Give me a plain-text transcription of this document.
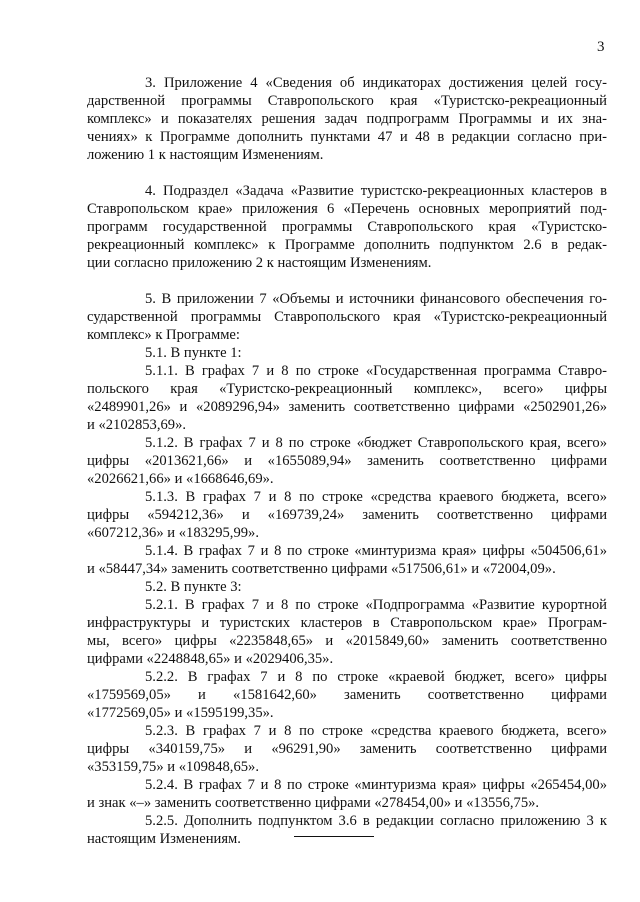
3
3. Приложение 4 «Сведения об индикаторах достижения целей госу-
дарственной программы Ставропольского края «Туристско-рекреационный
комплекс» и показателях решения задач подпрограмм Программы и их зна-
чениях» к Программе дополнить пунктами 47 и 48 в редакции согласно при-
ложению 1 к настоящим Изменениям.
4. Подраздел «Задача «Развитие туристско-рекреационных кластеров в
Ставропольском крае» приложения 6 «Перечень основных мероприятий под-
программ государственной программы Ставропольского края «Туристско-
рекреационный комплекс» к Программе дополнить подпунктом 2.6 в редак-
ции согласно приложению 2 к настоящим Изменениям.
5. В приложении 7 «Объемы и источники финансового обеспечения го-
сударственной программы Ставропольского края «Туристско-рекреационный
комплекс» к Программе:
5.1. В пункте 1:
5.1.1. В графах 7 и 8 по строке «Государственная программа Ставро-
польского края «Туристско-рекреационный комплекс», всего» цифры
«2489901,26» и «2089296,94» заменить соответственно цифрами «2502901,26»
и «2102853,69».
5.1.2. В графах 7 и 8 по строке «бюджет Ставропольского края, всего»
цифры «2013621,66» и «1655089,94» заменить соответственно цифрами
«2026621,66» и «1668646,69».
5.1.3. В графах 7 и 8 по строке «средства краевого бюджета, всего»
цифры «594212,36» и «169739,24» заменить соответственно цифрами
«607212,36» и «183295,99».
5.1.4. В графах 7 и 8 по строке «минтуризма края» цифры «504506,61»
и «58447,34» заменить соответственно цифрами «517506,61» и «72004,09».
5.2. В пункте 3:
5.2.1. В графах 7 и 8 по строке «Подпрограмма «Развитие курортной
инфраструктуры и туристских кластеров в Ставропольском крае» Програм-
мы, всего» цифры «2235848,65» и «2015849,60» заменить соответственно
цифрами «2248848,65» и «2029406,35».
5.2.2. В графах 7 и 8 по строке «краевой бюджет, всего» цифры
«1759569,05» и «1581642,60» заменить соответственно цифрами
«1772569,05» и «1595199,35».
5.2.3. В графах 7 и 8 по строке «средства краевого бюджета, всего»
цифры «340159,75» и «96291,90» заменить соответственно цифрами
«353159,75» и «109848,65».
5.2.4. В графах 7 и 8 по строке «минтуризма края» цифры «265454,00»
и знак «–» заменить соответственно цифрами «278454,00» и «13556,75».
5.2.5. Дополнить подпунктом 3.6 в редакции согласно приложению 3 к
настоящим Изменениям.
